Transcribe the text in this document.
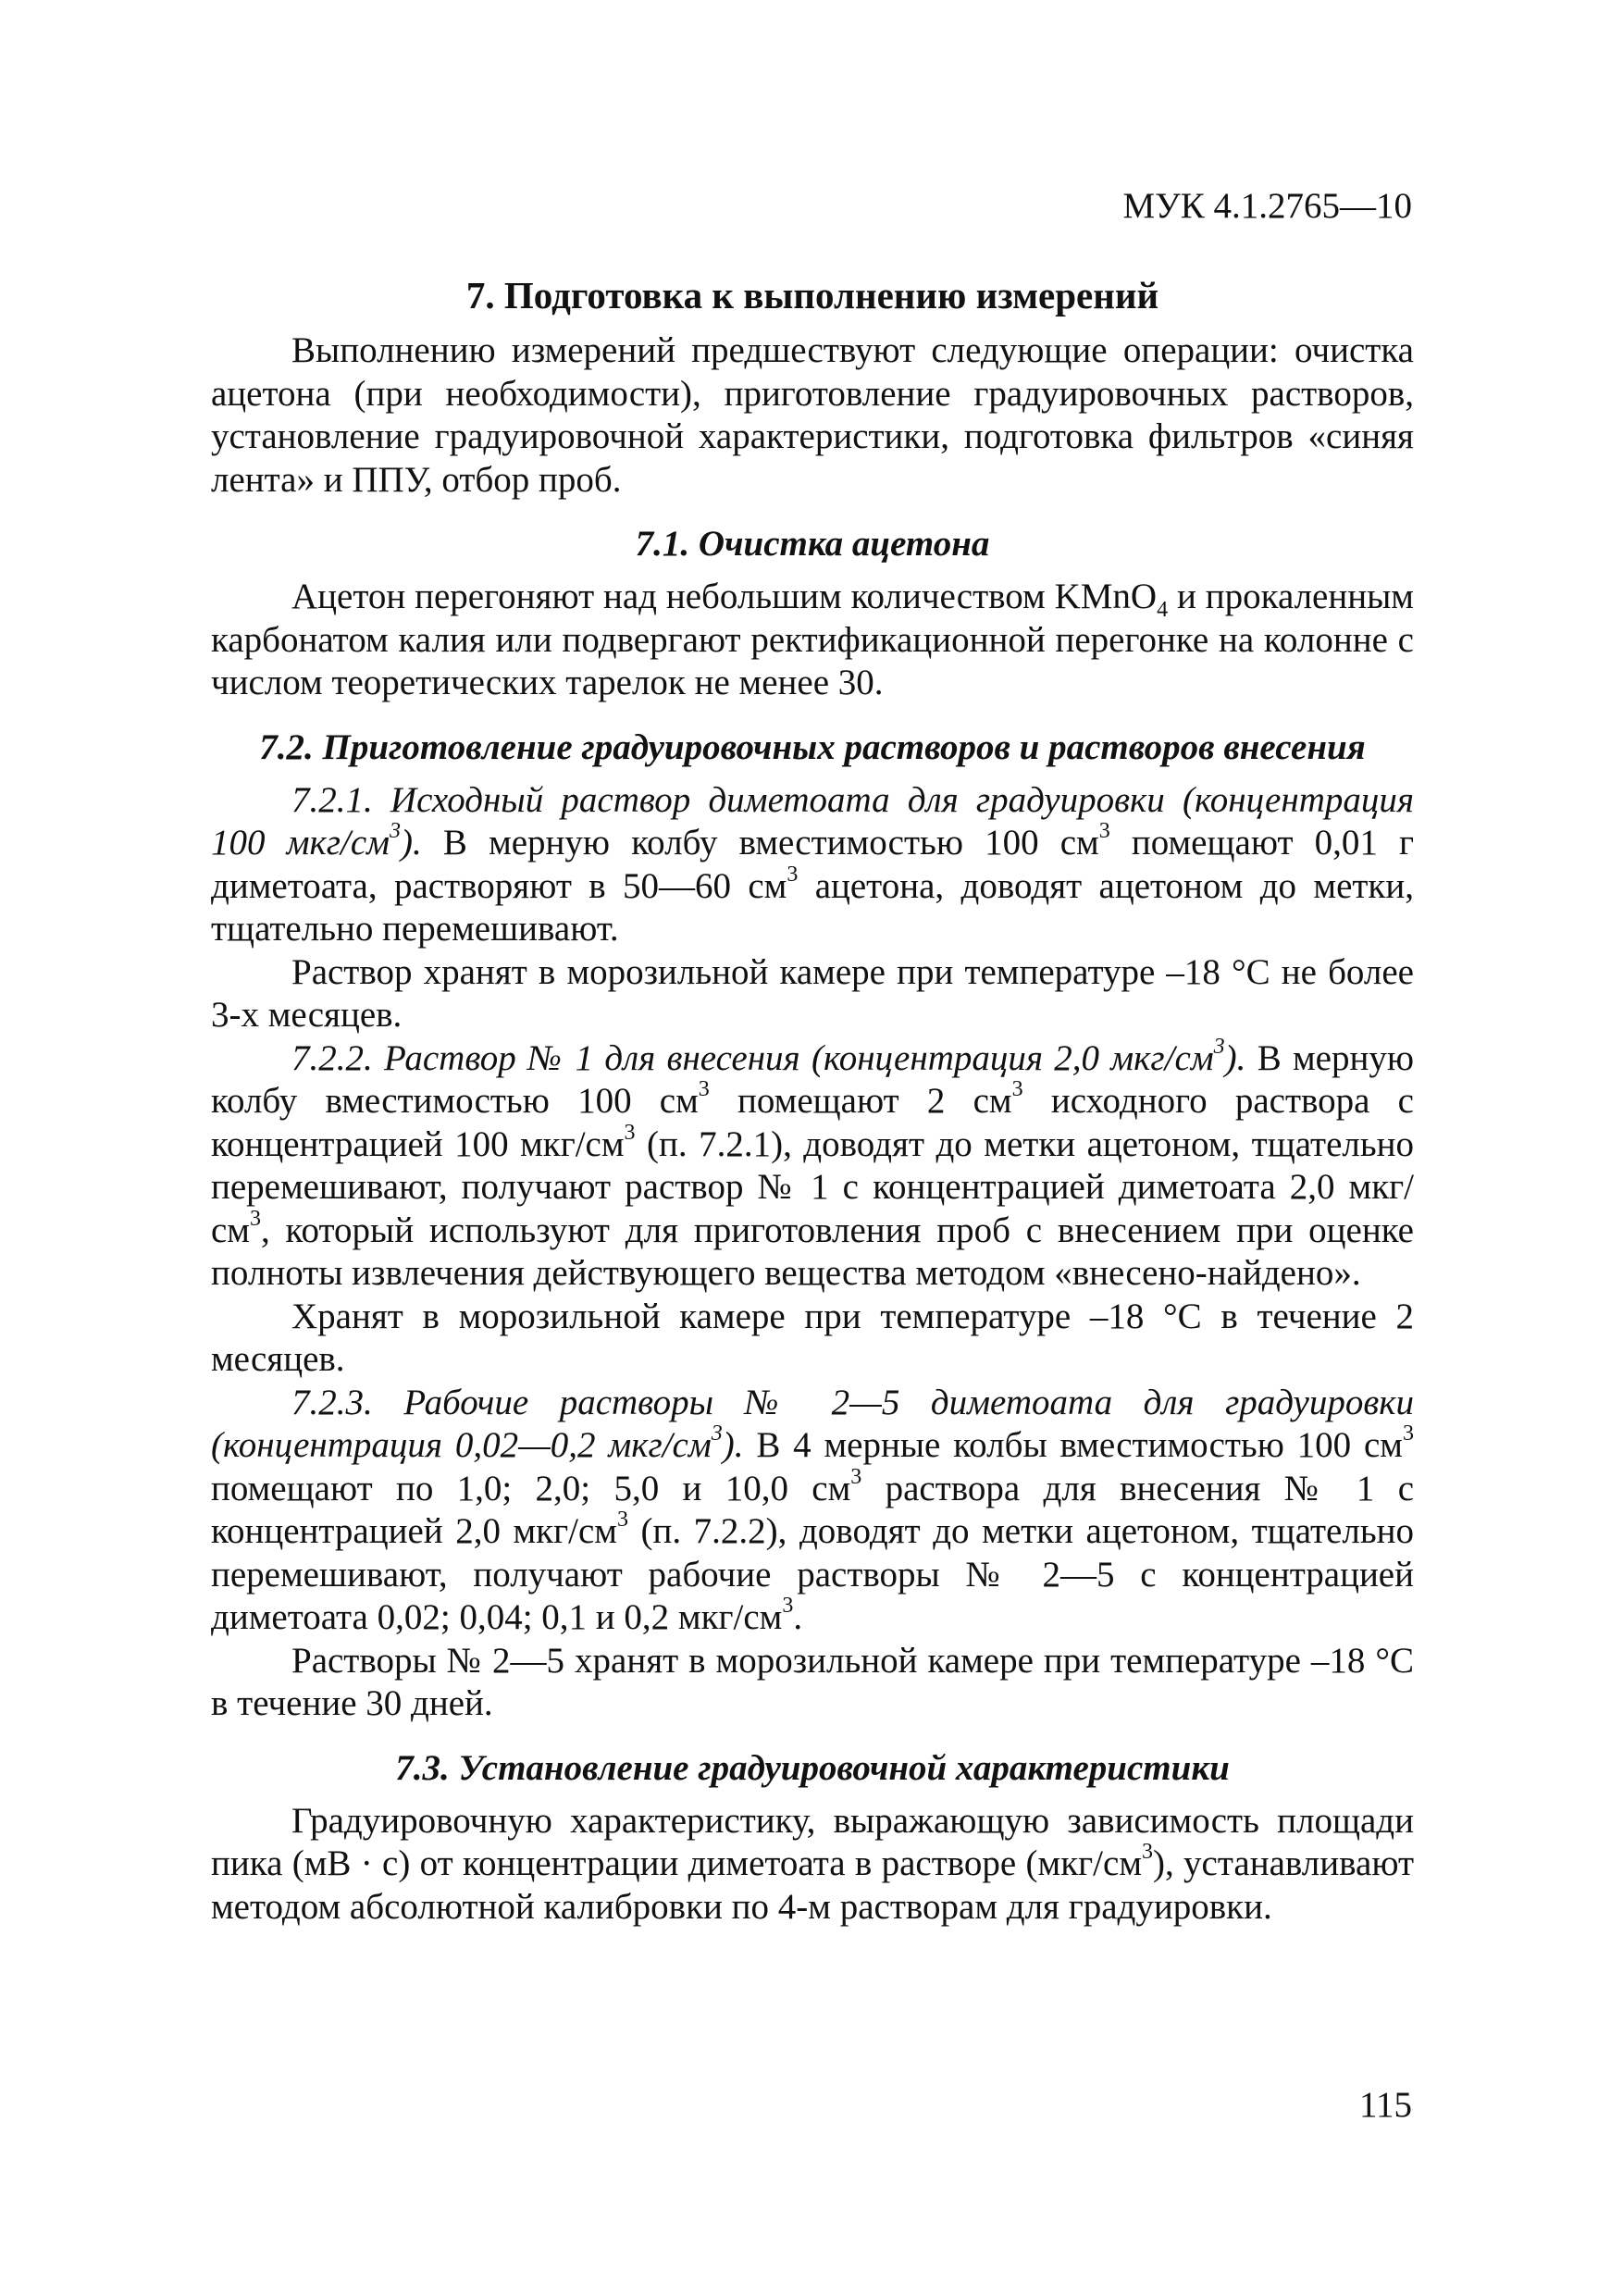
МУК 4.1.2765—10
7. Подготовка к выполнению измерений

Выполнению измерений предшествуют следующие операции: очистка ацетона (при необходимости), приготовление градуировочных растворов, установление градуировочной характеристики, подготовка фильтров «синяя лента» и ППУ, отбор проб.

7.1. Очистка ацетона

Ацетон перегоняют над небольшим количеством KMnO$_4$ и прокаленным карбонатом калия или подвергают ректификационной перегонке на колонне с числом теоретических тарелок не менее 30.

7.2. Приготовление градуировочных растворов и растворов внесения

7.2.1. Исходный раствор диметоата для градуировки (концентрация 100 мкг/$см^3$). В мерную колбу вместимостью 100 $см^3$ помещают 0,01 г диметоата, растворяют в 50—60 $см^3$ ацетона, доводят ацетоном до метки, тщательно перемешивают.

Раствор хранят в морозильной камере при температуре –18 °С не более 3-х месяцев.

7.2.2. Раствор № 1 для внесения (концентрация 2,0 мкг/$см^3$). В мерную колбу вместимостью 100 $см^3$ помещают 2 $см^3$ исходного раствора с концентрацией 100 мкг/$см^3$ (п. 7.2.1), доводят до метки ацетоном, тщательно перемешивают, получают раствор № 1 с концентрацией диметоата 2,0 мкг/$см^3$, который используют для приготовления проб с внесением при оценке полноты извлечения действующего вещества методом «внесено-найдено».

Хранят в морозильной камере при температуре –18 °С в течение 2 месяцев.

7.2.3. Рабочие растворы № 2—5 диметоата для градуировки (концентрация 0,02—0,2 мкг/$см^3$). В 4 мерные колбы вместимостью 100 $см^3$ помещают по 1,0; 2,0; 5,0 и 10,0 $см^3$ раствора для внесения № 1 с концентрацией 2,0 мкг/$см^3$ (п. 7.2.2), доводят до метки ацетоном, тщательно перемешивают, получают рабочие растворы № 2—5 с концентрацией диметоата 0,02; 0,04; 0,1 и 0,2 мкг/$см^3$.

Растворы № 2—5 хранят в морозильной камере при температуре –18 °С в течение 30 дней.

7.3. Установление градуировочной характеристики

Градуировочную характеристику, выражающую зависимость площади пика (мВ · с) от концентрации диметоата в растворе $(мкг/см^3)$, устанавливают методом абсолютной калибровки по 4-м растворам для градуировки.

115
